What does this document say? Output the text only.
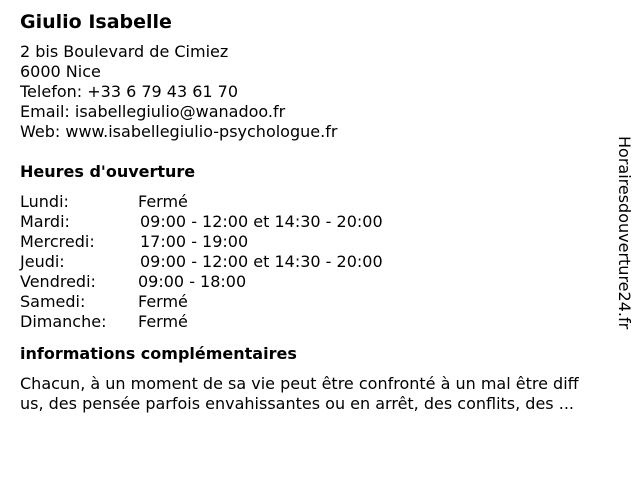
Giulio Isabelle

2 bis Boulevard de Cimiez

6000 Nice

Telefon: +33 6 79 43 61 70

Email: isabellegiulio@wanadoo.fr

Web: www.isabellegiulio-psychologue.fr

Heures d'ouverture
Lundi:	Fermé
Mardi:	09:00 - 12:00 et 14:30 - 20:00
Mercredi:	17:00 - 19:00
Jeudi:	09:00 - 12:00 et 14:30 - 20:00
Vendredi:	09:00 - 18:00
Samedi:	Fermé
Dimanche: Fermé
informations complémentaires
Chacun, à un moment de sa vie peut être confronté à un mal être diff
us, des pensée parfois envahissantes ou en arrêt, des conflits, des ...
Horairesdouverture24.fr
